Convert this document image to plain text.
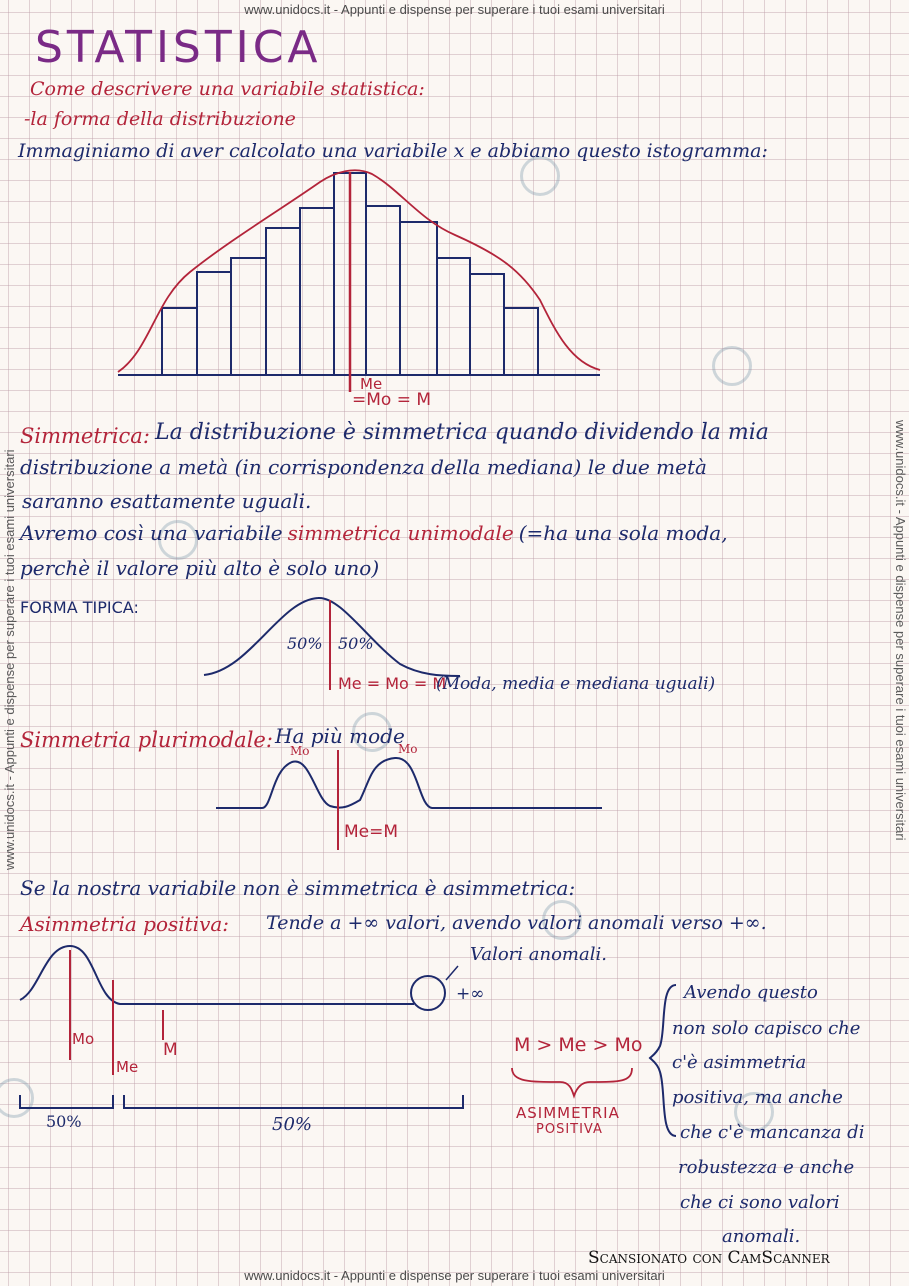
www.unidocs.it - Appunti e dispense per superare i tuoi esami universitari
www.unidocs.it - Appunti e dispense per superare i tuoi esami universitari
www.unidocs.it - Appunti e dispense per superare i tuoi esami universitari	www.unidocs.it - Appunti e dispense per superare i tuoi esami universitari
STATISTICA
Come descrivere una variabile statistica:
-la forma della distribuzione
Immaginiamo di aver calcolato una variabile x e abbiamo questo istogramma:
Me
=Mo = M
Simmetrica: La distribuzione è simmetrica quando dividendo la mia
distribuzione a metà (in corrispondenza della mediana) le due metà
saranno esattamente uguali.
Avremo così una variabile simmetrica unimodale (=ha una sola moda,
perchè il valore più alto è solo uno)
FORMA TIPICA:
50% 50%
Me = Mo = M
(Moda, media e mediana uguali)
Simmetria plurimodale: Ha più mode
Mo	Mo
Me=M
Se la nostra variabile non è simmetrica è asimmetrica:
Asimmetria positiva: Tende a +∞ valori, avendo valori anomali verso +∞.
Valori anomali.
+∞
Mo
Me
M
50%	50%
M > Me > Mo
ASIMMETRIA
POSITIVA
Avendo questo
non solo capisco che
c'è asimmetria
positiva, ma anche
che c'è mancanza di
robustezza e anche
che ci sono valori
anomali.
Scansionato con CamScanner
